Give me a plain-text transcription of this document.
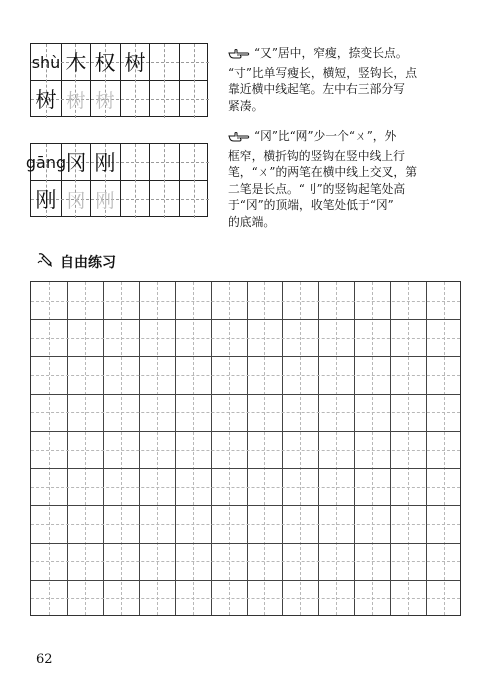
shù 木 权 树
树 树 树
gāng 冈 刚
刚 冈 刚
“又”居中，窄瘦，捺变长点。
“寸”比单写瘦长，横短，竖钩长，点
靠近横中线起笔。左中右三部分写
紧凑。
“冈”比“网”少一个“ㄨ”，外
框窄，横折钩的竖钩在竖中线上行
笔，“ㄨ”的两笔在横中线上交叉，第
二笔是长点。“刂”的竖钩起笔处高
于“冈”的顶端，收笔处低于“冈”
的底端。
自由练习
62
